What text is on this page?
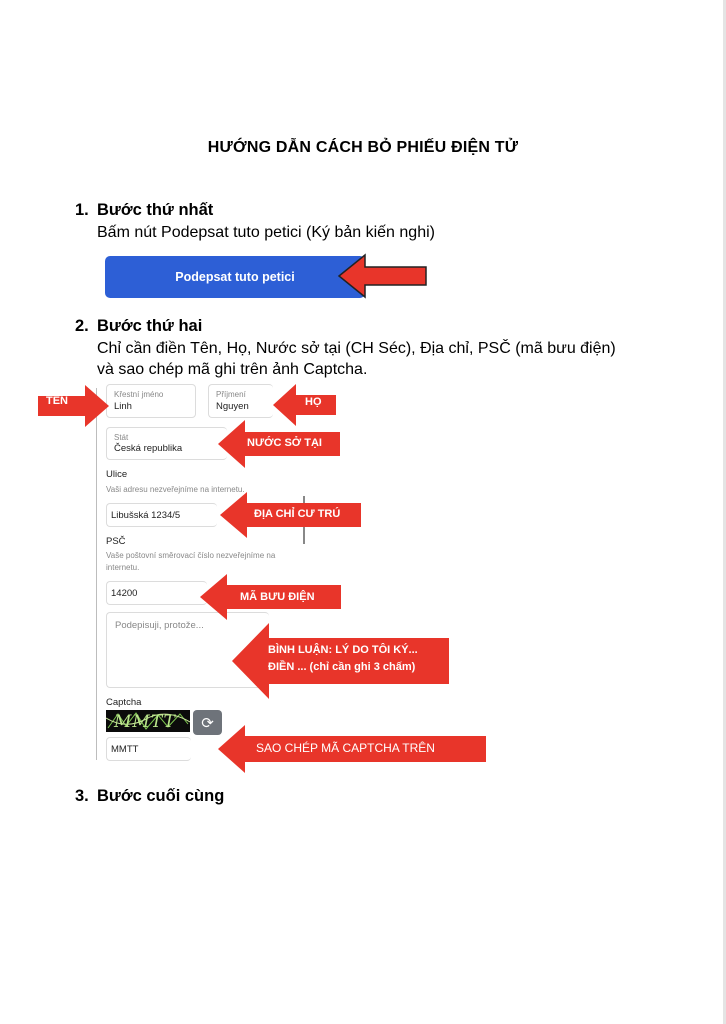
HƯỚNG DẪN CÁCH BỎ PHIẾU ĐIỆN TỬ
1. Bước thứ nhất
Bấm nút Podepsat tuto petici (Ký bản kiến nghi)
Podepsat tuto petici
2. Bước thứ hai
Chỉ cần điền Tên, Họ, Nước sở tại (CH Séc), Địa chỉ, PSČ (mã bưu điện)
và sao chép mã ghi trên ảnh Captcha.
Křestní jméno
Linh
Příjmení
Nguyen
Stát
Česká republika
Ulice
Vaši adresu nezveřejníme na internetu.
Libušská 1234/5
PSČ
Vaše poštovní směrovací číslo nezveřejníme na
internetu.
14200
Podepisuji, protože...
Captcha
MMTT ⟳
MMTT
TÊN	HỌ
NƯỚC SỞ TẠI
ĐỊA CHỈ CƯ TRÚ
MÃ BƯU ĐIỆN
BÌNH LUẬN: LÝ DO TÔI KÝ...
ĐIỀN ... (chỉ cần ghi 3 chấm)
SAO CHÉP MÃ CAPTCHA TRÊN
3. Bước cuối cùng
